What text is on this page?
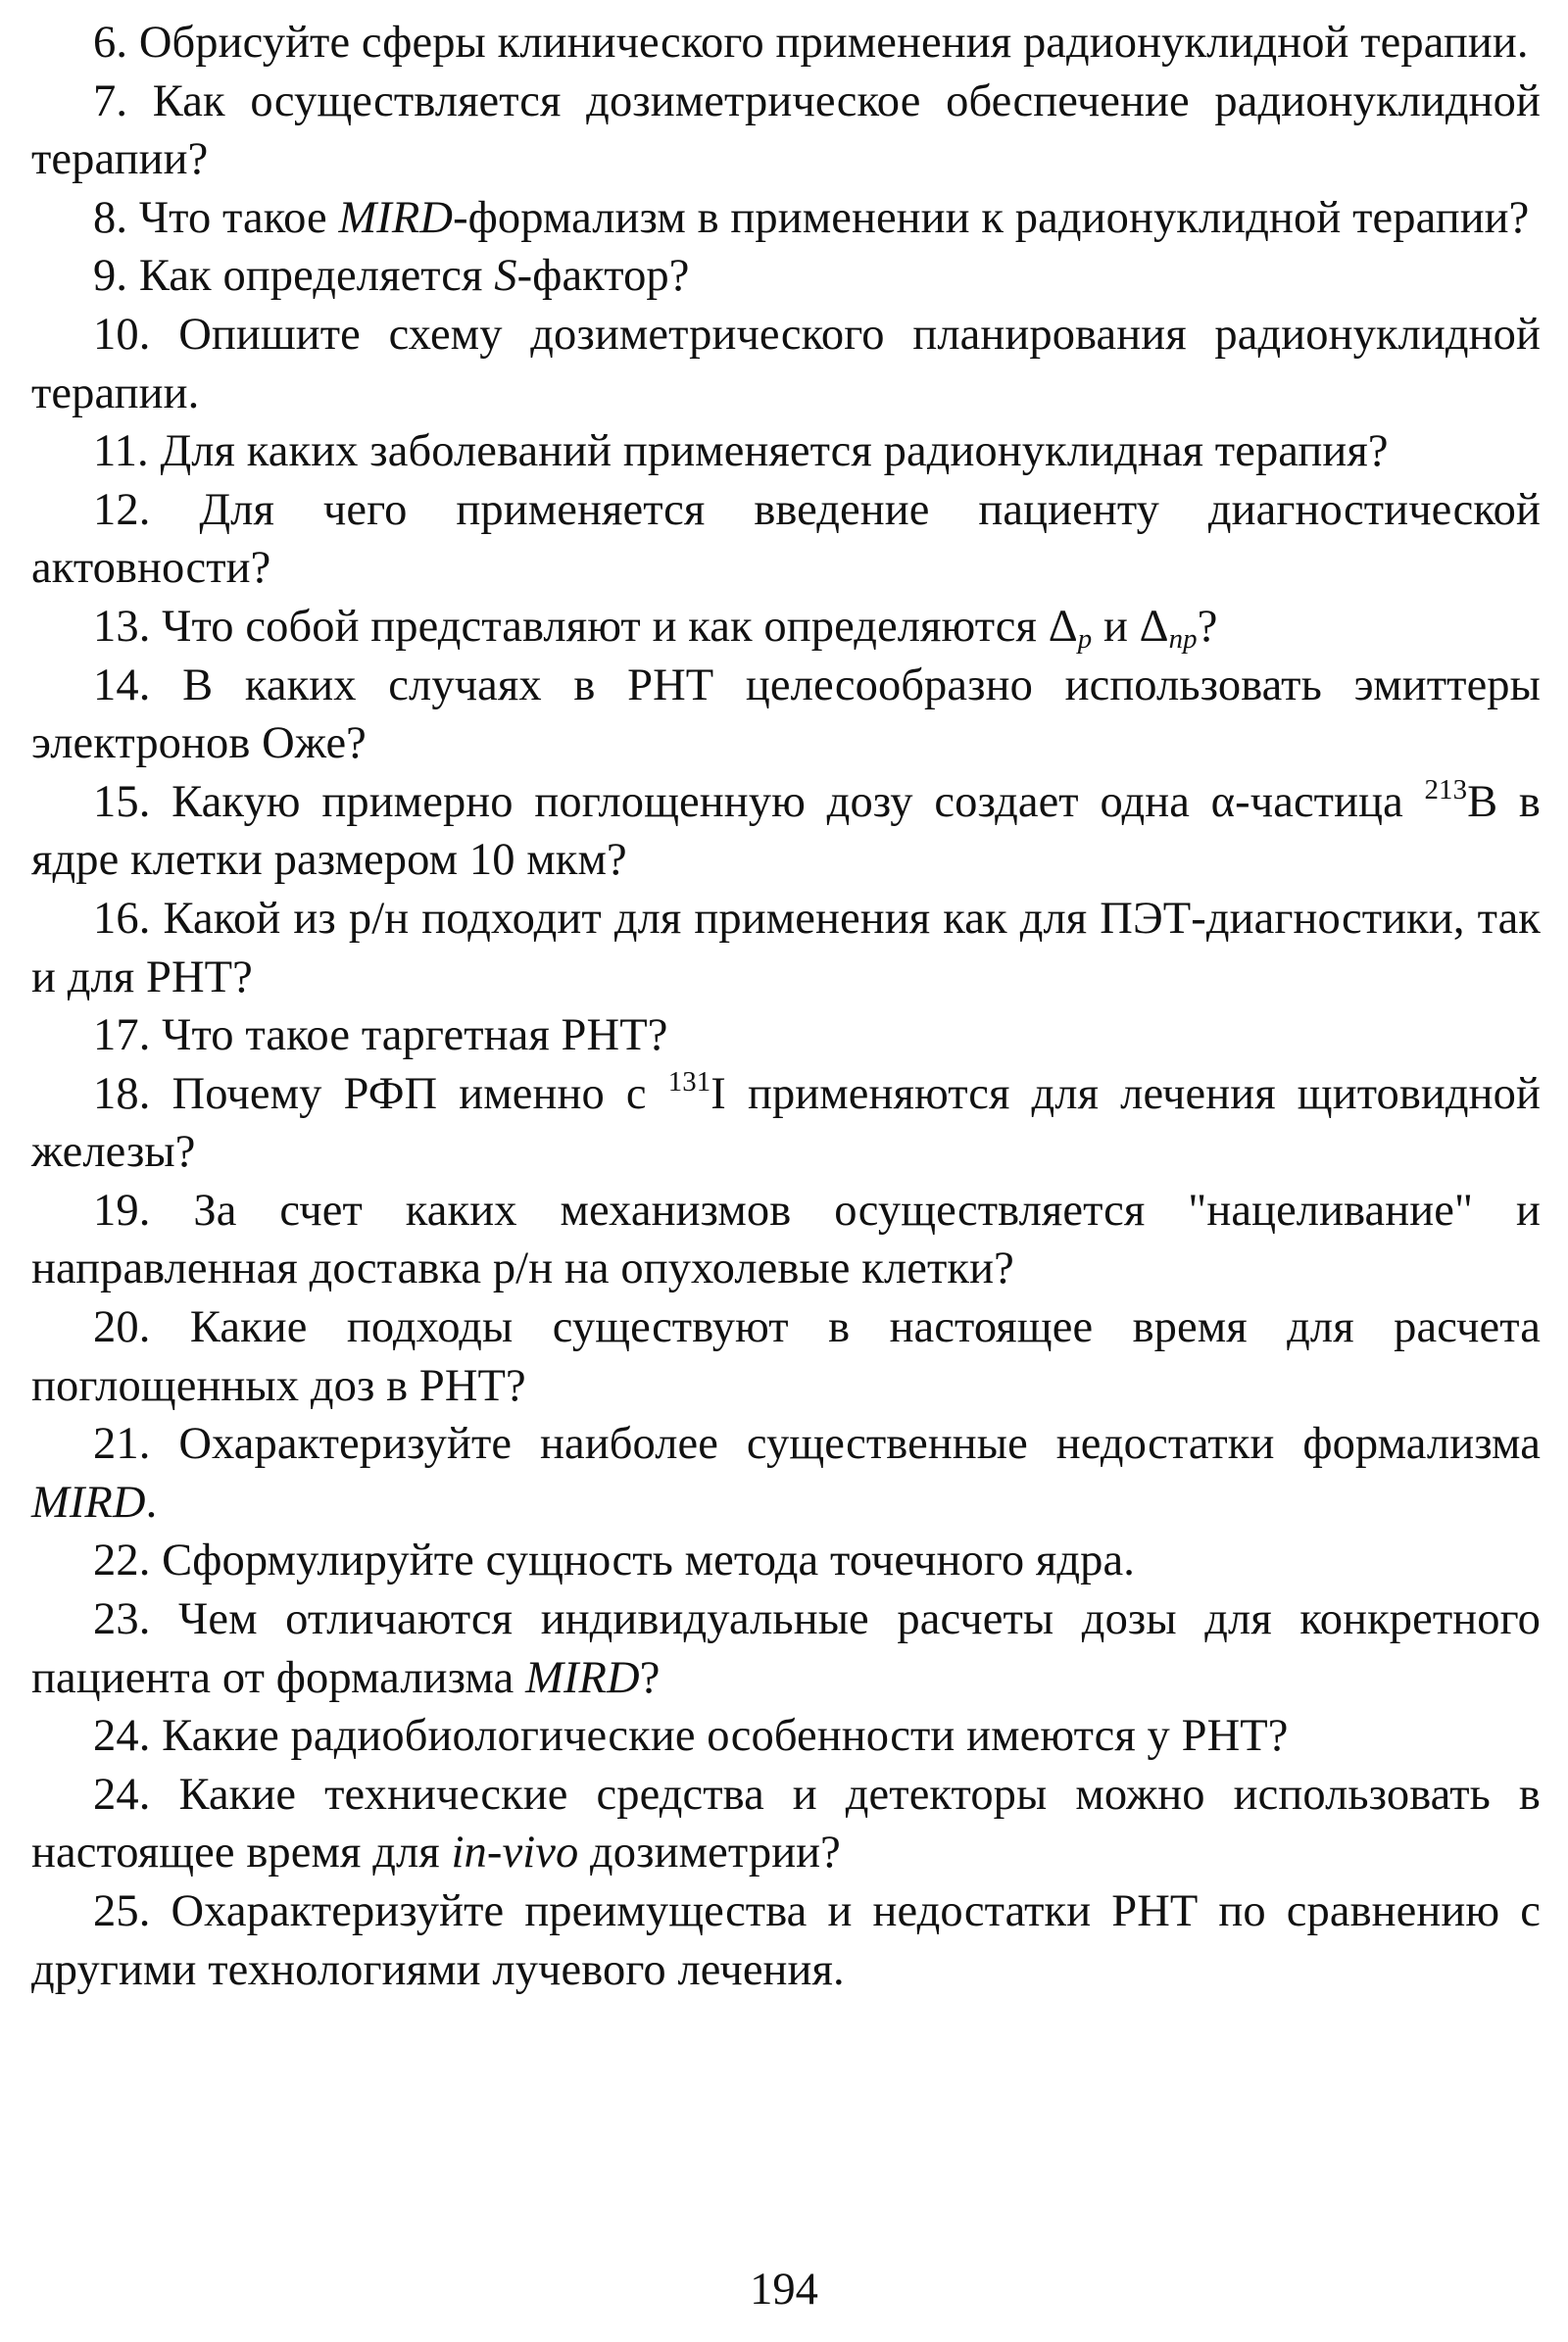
6. Обрисуйте сферы клинического применения радионуклидной терапии.

7. Как осуществляется дозиметрическое обеспечение радионуклидной терапии?

8. Что такое MIRD-формализм в применении к радионуклидной терапии?

9. Как определяется S-фактор?

10. Опишите схему дозиметрического планирования радионуклидной терапии.

11. Для каких заболеваний применяется радионуклидная терапия?

12. Для чего применяется введение пациенту диагностической актовности?

13. Что собой представляют и как определяются $\Delta_p$ и $\Delta_{np}$?

14. В каких случаях в РНТ целесообразно использовать эмиттеры электронов Оже?

15. Какую примерно поглощенную дозу создает одна α-частица $^{213}$B в ядре клетки размером 10 мкм?

16. Какой из р/н подходит для применения как для ПЭТ-диагностики, так и для РНТ?

17. Что такое таргетная РНТ?

18. Почему РФП именно с $^{131}$I применяются для лечения щитовидной железы?

19. За счет каких механизмов осуществляется "нацеливание" и направленная доставка р/н на опухолевые клетки?

20. Какие подходы существуют в настоящее время для расчета поглощенных доз в РНТ?

21. Охарактеризуйте наиболее существенные недостатки формализма MIRD.

22. Сформулируйте сущность метода точечного ядра.

23. Чем отличаются индивидуальные расчеты дозы для конкретного пациента от формализма MIRD?

24. Какие радиобиологические особенности имеются у РНТ?

24. Какие технические средства и детекторы можно использовать в настоящее время для in-vivo дозиметрии?

25. Охарактеризуйте преимущества и недостатки РНТ по сравнению с другими технологиями лучевого лечения.

194
